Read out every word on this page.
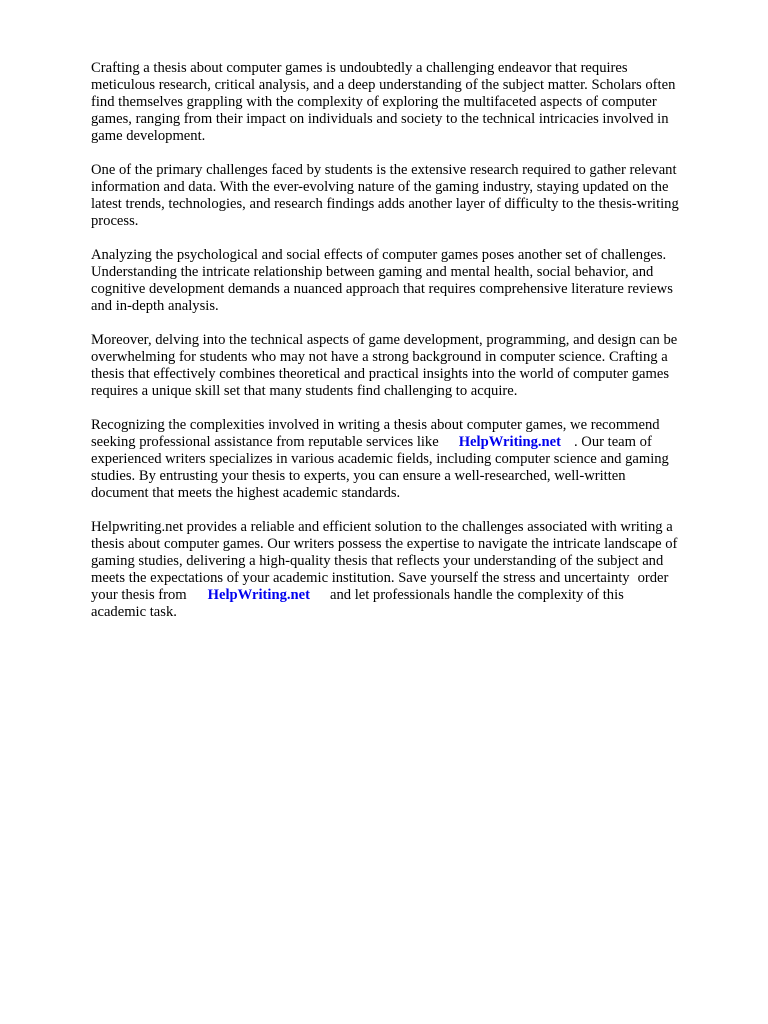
Crafting a thesis about computer games is undoubtedly a challenging endeavor that requires
meticulous research, critical analysis, and a deep understanding of the subject matter. Scholars often
find themselves grappling with the complexity of exploring the multifaceted aspects of computer
games, ranging from their impact on individuals and society to the technical intricacies involved in
game development.

One of the primary challenges faced by students is the extensive research required to gather relevant
information and data. With the ever-evolving nature of the gaming industry, staying updated on the
latest trends, technologies, and research findings adds another layer of difficulty to the thesis-writing
process.

Analyzing the psychological and social effects of computer games poses another set of challenges.
Understanding the intricate relationship between gaming and mental health, social behavior, and
cognitive development demands a nuanced approach that requires comprehensive literature reviews
and in-depth analysis.

Moreover, delving into the technical aspects of game development, programming, and design can be
overwhelming for students who may not have a strong background in computer science. Crafting a
thesis that effectively combines theoretical and practical insights into the world of computer games
requires a unique skill set that many students find challenging to acquire.

Recognizing the complexities involved in writing a thesis about computer games, we recommend
seeking professional assistance from reputable services like HelpWriting.net . Our team of
experienced writers specializes in various academic fields, including computer science and gaming
studies. By entrusting your thesis to experts, you can ensure a well-researched, well-written
document that meets the highest academic standards.

Helpwriting.net provides a reliable and efficient solution to the challenges associated with writing a
thesis about computer games. Our writers possess the expertise to navigate the intricate landscape of
gaming studies, delivering a high-quality thesis that reflects your understanding of the subject and
meets the expectations of your academic institution. Save yourself the stress and uncertainty order
your thesis from HelpWriting.net and let professionals handle the complexity of this
academic task.
